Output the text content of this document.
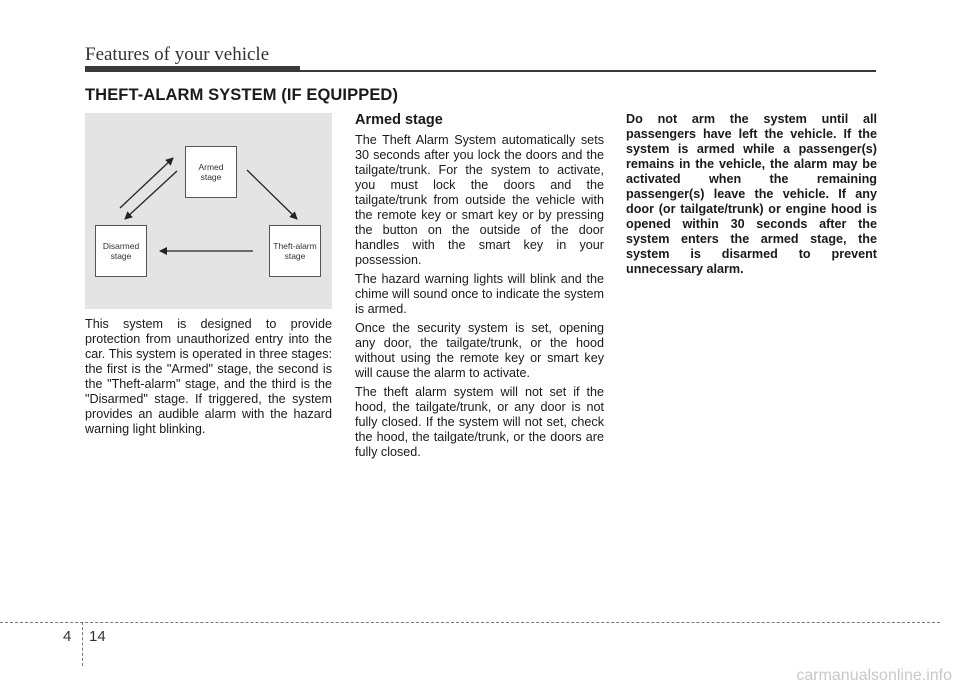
Features of your vehicle
THEFT-ALARM SYSTEM (IF EQUIPPED)
Armed stage
Disarmed stage
Theft-alarm stage

This system is designed to provide protection from unauthorized entry into the car. This system is operated in three stages: the first is the "Armed" stage, the second is the "Theft-alarm" stage, and the third is the "Disarmed" stage. If triggered, the system provides an audible alarm with the hazard warning light blinking.

Armed stage

The Theft Alarm System automatically sets 30 seconds after you lock the doors and the tailgate/trunk. For the system to activate, you must lock the doors and the tailgate/trunk from outside the vehicle with the remote key or smart key or by pressing the button on the outside of the door handles with the smart key in your possession.

The hazard warning lights will blink and the chime will sound once to indicate the system is armed.

Once the security system is set, opening any door, the tailgate/trunk, or the hood without using the remote key or smart key will cause the alarm to activate.

The theft alarm system will not set if the hood, the tailgate/trunk, or any door is not fully closed. If the system will not set, check the hood, the tailgate/trunk, or the doors are fully closed.

Do not arm the system until all passengers have left the vehicle. If the system is armed while a passenger(s) remains in the vehicle, the alarm may be activated when the remaining passenger(s) leave the vehicle. If any door (or tailgate/trunk) or engine hood is opened within 30 seconds after the system enters the armed stage, the system is disarmed to prevent unnecessary alarm.

4 14
carmanualsonline.info
